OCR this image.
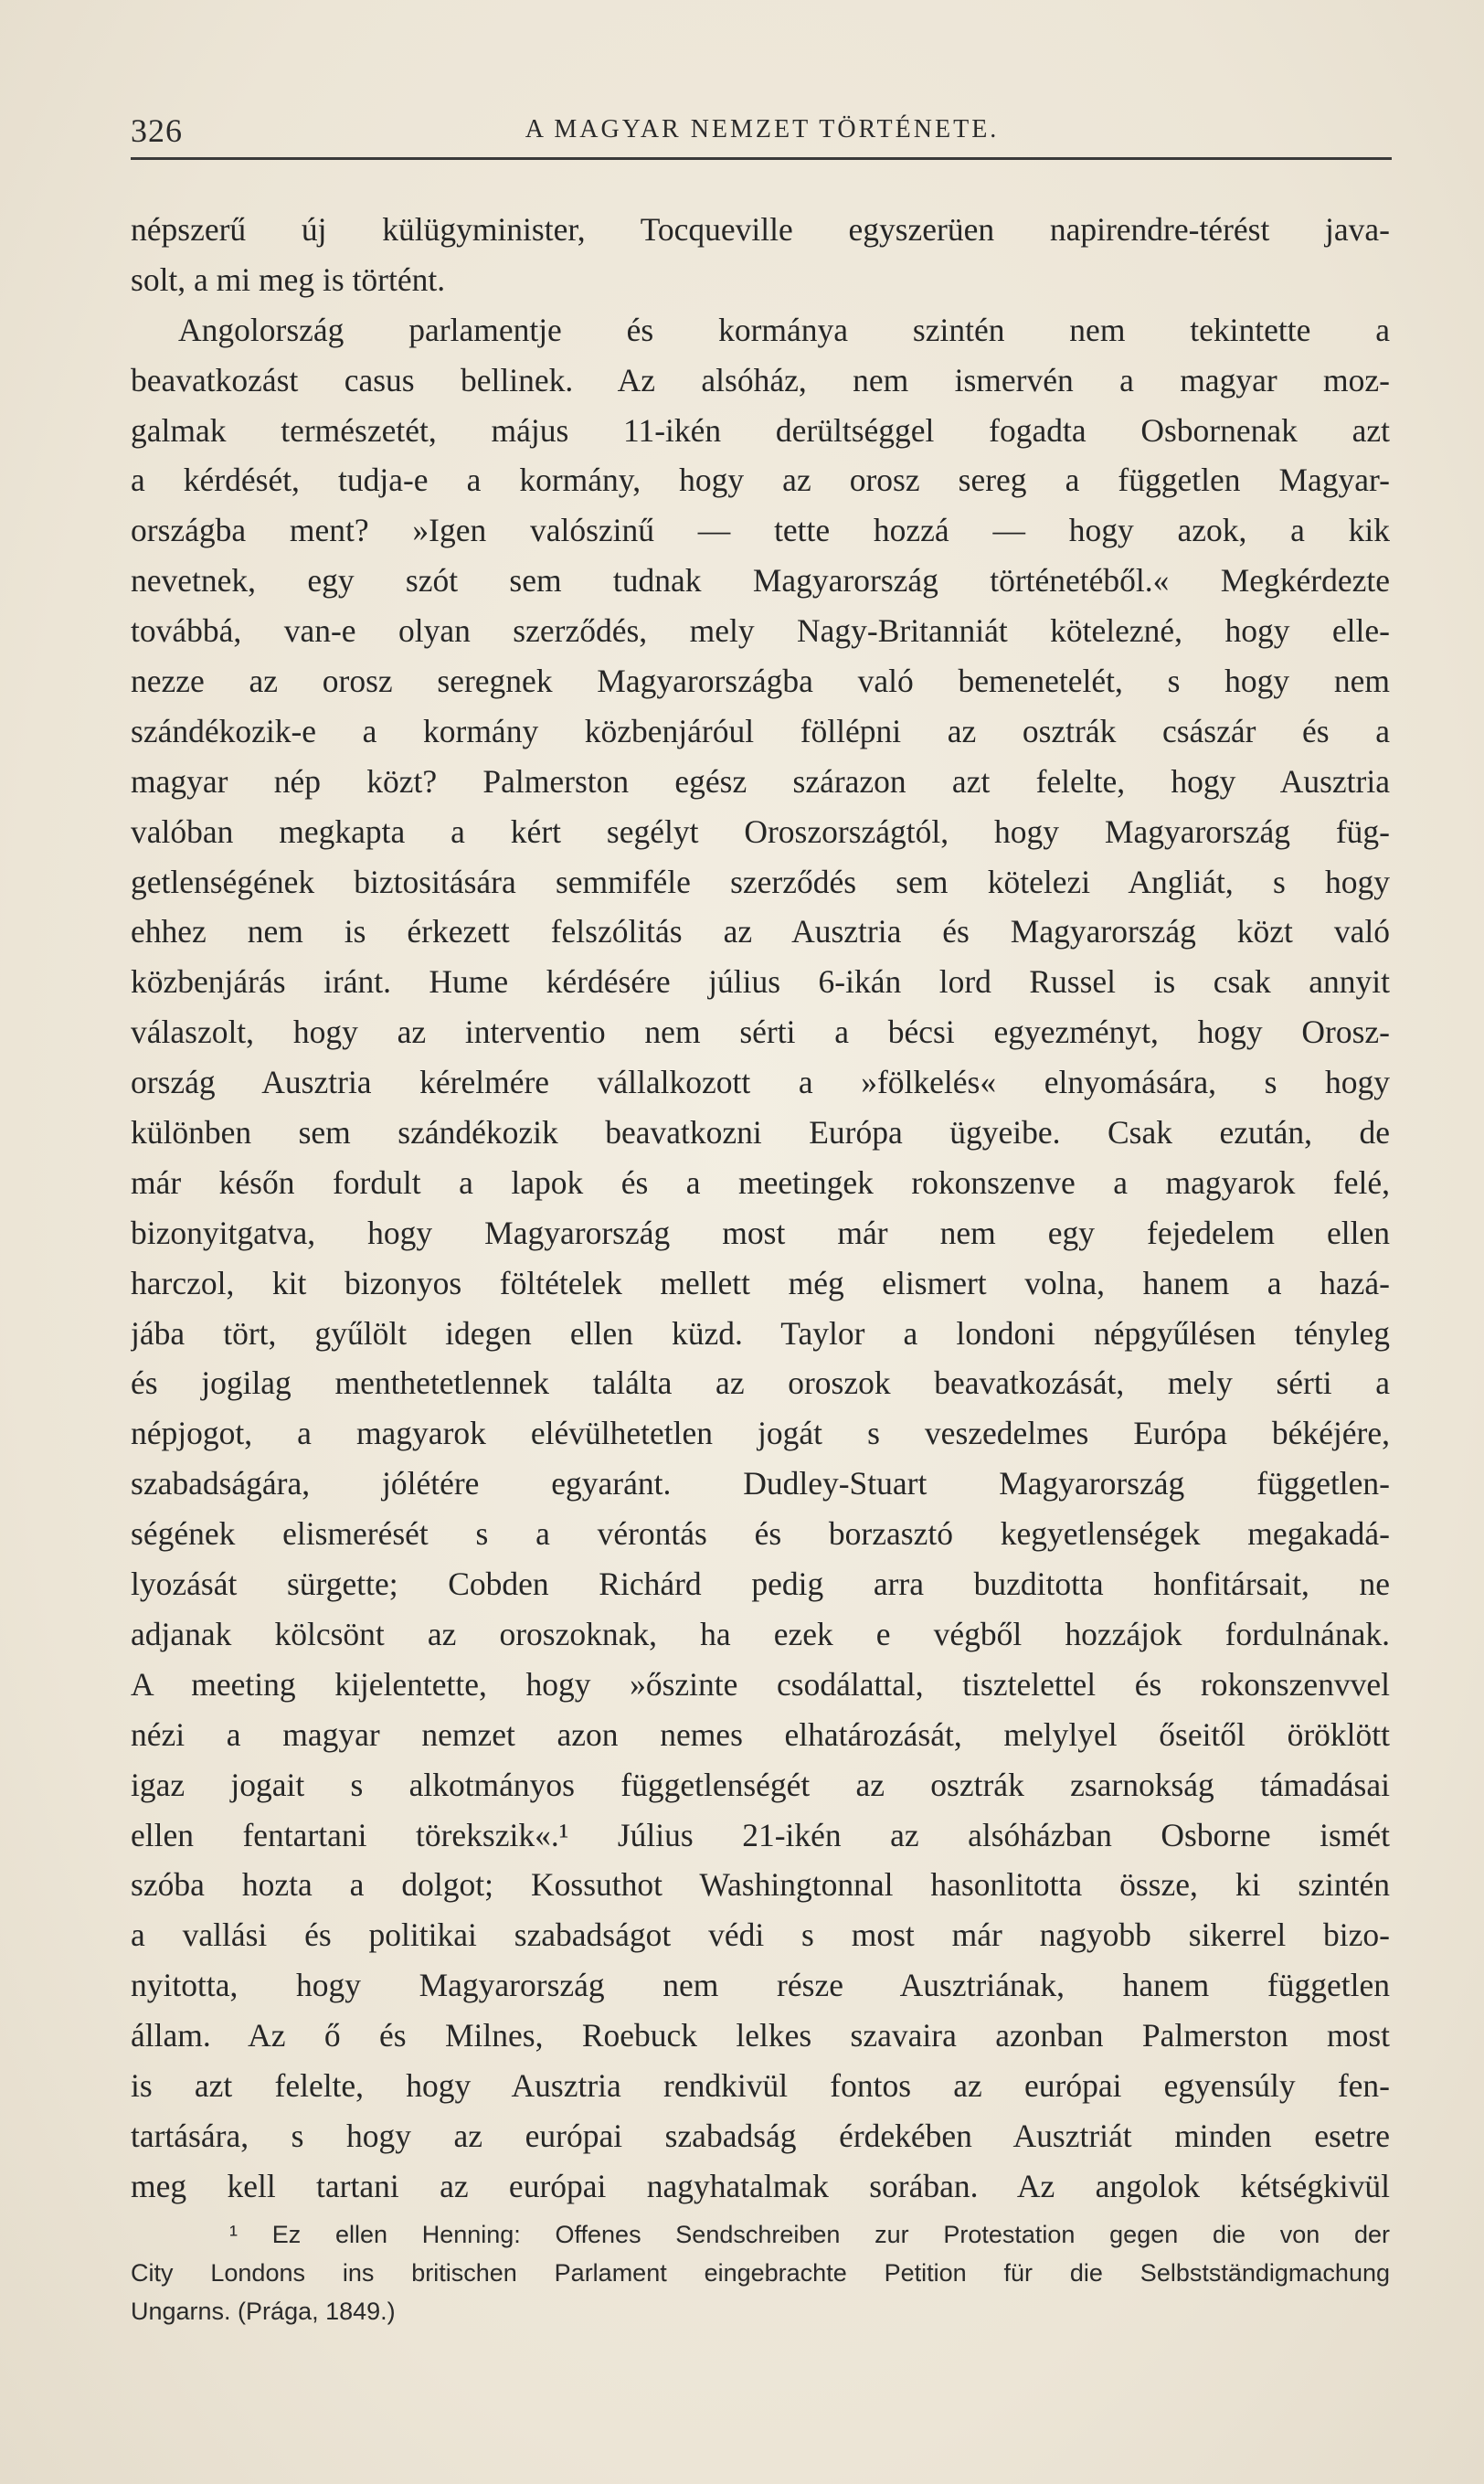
326	A MAGYAR NEMZET TÖRTÉNETE.
népszerű új külügyminister, Tocqueville egyszerüen napirendre-térést java-
solt, a mi meg is történt.
Angolország parlamentje és kormánya szintén nem tekintette a
beavatkozást casus bellinek. Az alsóház, nem ismervén a magyar moz-
galmak természetét, május 11-ikén derültséggel fogadta Osbornenak azt
a kérdését, tudja-e a kormány, hogy az orosz sereg a független Magyar-
országba ment? »Igen valószinű — tette hozzá — hogy azok, a kik
nevetnek, egy szót sem tudnak Magyarország történetéből.« Megkérdezte
továbbá, van-e olyan szerződés, mely Nagy-Britanniát kötelezné, hogy elle-
nezze az orosz seregnek Magyarországba való bemenetelét, s hogy nem
szándékozik-e a kormány közbenjáróul föllépni az osztrák császár és a
magyar nép közt? Palmerston egész szárazon azt felelte, hogy Ausztria
valóban megkapta a kért segélyt Oroszországtól, hogy Magyarország füg-
getlenségének biztositására semmiféle szerződés sem kötelezi Angliát, s hogy
ehhez nem is érkezett felszólitás az Ausztria és Magyarország közt való
közbenjárás iránt. Hume kérdésére július 6-ikán lord Russel is csak annyit
válaszolt, hogy az interventio nem sérti a bécsi egyezményt, hogy Orosz-
ország Ausztria kérelmére vállalkozott a »fölkelés« elnyomására, s hogy
különben sem szándékozik beavatkozni Európa ügyeibe. Csak ezután, de
már későn fordult a lapok és a meetingek rokonszenve a magyarok felé,
bizonyitgatva, hogy Magyarország most már nem egy fejedelem ellen
harczol, kit bizonyos föltételek mellett még elismert volna, hanem a hazá-
jába tört, gyűlölt idegen ellen küzd. Taylor a londoni népgyűlésen tényleg
és jogilag menthetetlennek találta az oroszok beavatkozását, mely sérti a
népjogot, a magyarok elévülhetetlen jogát s veszedelmes Európa békéjére,
szabadságára, jólétére egyaránt. Dudley-Stuart Magyarország független-
ségének elismerését s a vérontás és borzasztó kegyetlenségek megakadá-
lyozását sürgette; Cobden Richárd pedig arra buzditotta honfitársait, ne
adjanak kölcsönt az oroszoknak, ha ezek e végből hozzájok fordulnának.
A meeting kijelentette, hogy »őszinte csodálattal, tisztelettel és rokonszenvvel
nézi a magyar nemzet azon nemes elhatározását, melylyel őseitől öröklött
igaz jogait s alkotmányos függetlenségét az osztrák zsarnokság támadásai
ellen fentartani törekszik«.¹ Július 21-ikén az alsóházban Osborne ismét
szóba hozta a dolgot; Kossuthot Washingtonnal hasonlitotta össze, ki szintén
a vallási és politikai szabadságot védi s most már nagyobb sikerrel bizo-
nyitotta, hogy Magyarország nem része Ausztriának, hanem független
állam. Az ő és Milnes, Roebuck lelkes szavaira azonban Palmerston most
is azt felelte, hogy Ausztria rendkivül fontos az európai egyensúly fen-
tartására, s hogy az európai szabadság érdekében Ausztriát minden esetre
meg kell tartani az európai nagyhatalmak sorában. Az angolok kétségkivül
¹ Ez ellen Henning: Offenes Sendschreiben zur Protestation gegen die von der
City Londons ins britischen Parlament eingebrachte Petition für die Selbstständigmachung
Ungarns. (Prága, 1849.)
